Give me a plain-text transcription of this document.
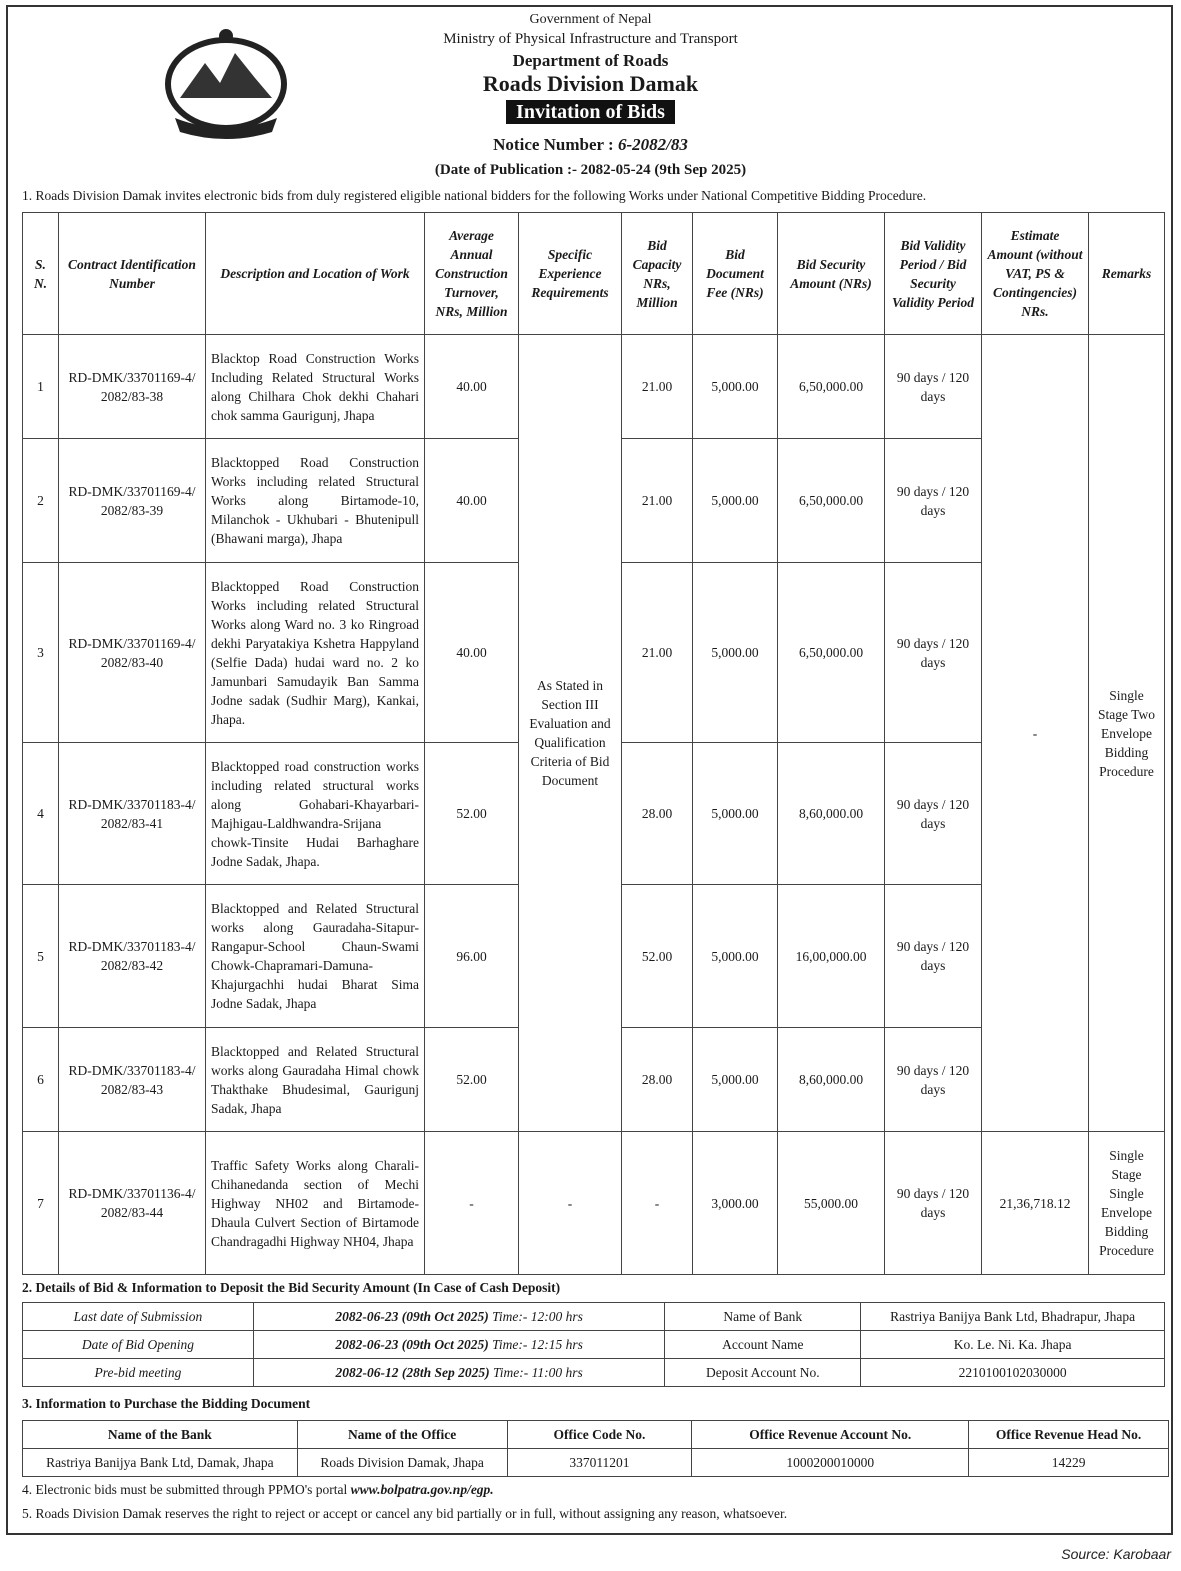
Government of Nepal
Ministry of Physical Infrastructure and Transport
Department of Roads
Roads Division Damak
Invitation of Bids
Notice Number : 6-2082/83
(Date of Publication :- 2082-05-24 (9th Sep 2025)
1. Roads Division Damak invites electronic bids from duly registered eligible national bidders for the following Works under National Competitive Bidding Procedure.
S. N.	Contract Identification Number	Description and Location of Work	Average Annual Construction Turnover, NRs, Million	Specific Experience Requirements	Bid Capacity NRs, Million	Bid Document Fee (NRs)	Bid Security Amount (NRs)	Bid Validity Period / Bid Security Validity Period	Estimate Amount (without VAT, PS & Contingencies) NRs.	Remarks
1	RD-DMK/33701169-4/ 2082/83-38	Blacktop Road Construction Works Including Related Structural Works along Chilhara Chok dekhi Chahari chok samma Gaurigunj, Jhapa	40.00	As Stated in Section III Evaluation and Qualification Criteria of Bid Document	21.00	5,000.00	6,50,000.00	90 days / 120 days	-	Single Stage Two Envelope Bidding Procedure
2	RD-DMK/33701169-4/ 2082/83-39	Blacktopped Road Construction Works including related Structural Works along Birtamode-10, Milanchok - Ukhubari - Bhutenipull (Bhawani marga), Jhapa	40.00		21.00	5,000.00	6,50,000.00	90 days / 120 days		
3	RD-DMK/33701169-4/ 2082/83-40	Blacktopped Road Construction Works including related Structural Works along Ward no. 3 ko Ringroad dekhi Paryatakiya Kshetra Happyland (Selfie Dada) hudai ward no. 2 ko Jamunbari Samudayik Ban Samma Jodne sadak (Sudhir Marg), Kankai, Jhapa.	40.00		21.00	5,000.00	6,50,000.00	90 days / 120 days		
4	RD-DMK/33701183-4/ 2082/83-41	Blacktopped road construction works including related structural works along Gohabari-Khayarbari-Majhigau-Laldhwandra-Srijana chowk-Tinsite Hudai Barhaghare Jodne Sadak, Jhapa.	52.00		28.00	5,000.00	8,60,000.00	90 days / 120 days		
5	RD-DMK/33701183-4/ 2082/83-42	Blacktopped and Related Structural works along Gauradaha-Sitapur-Rangapur-School Chaun-Swami Chowk-Chapramari-Damuna-Khajurgachhi hudai Bharat Sima Jodne Sadak, Jhapa	96.00		52.00	5,000.00	16,00,000.00	90 days / 120 days		
6	RD-DMK/33701183-4/ 2082/83-43	Blacktopped and Related Structural works along Gauradaha Himal chowk Thakthake Bhudesimal, Gaurigunj Sadak, Jhapa	52.00		28.00	5,000.00	8,60,000.00	90 days / 120 days		
7	RD-DMK/33701136-4/ 2082/83-44	Traffic Safety Works along Charali- Chihanedanda section of Mechi Highway NH02 and Birtamode-Dhaula Culvert Section of Birtamode Chandragadhi Highway NH04, Jhapa	-	-	-	3,000.00	55,000.00	90 days / 120 days	21,36,718.12	Single Stage Single Envelope Bidding Procedure
2. Details of Bid & Information to Deposit the Bid Security Amount (In Case of Cash Deposit)
Last date of Submission	2082-06-23 (09th Oct 2025) Time:- 12:00 hrs	Name of Bank	Rastriya Banijya Bank Ltd, Bhadrapur, Jhapa
Date of Bid Opening	2082-06-23 (09th Oct 2025) Time:- 12:15 hrs	Account Name	Ko. Le. Ni. Ka. Jhapa
Pre-bid meeting	2082-06-12 (28th Sep 2025) Time:- 11:00 hrs	Deposit Account No.	2210100102030000
3. Information to Purchase the Bidding Document
Name of the Bank	Name of the Office	Office Code No.	Office Revenue Account No.	Office Revenue Head No.
Rastriya Banijya Bank Ltd, Damak, Jhapa	Roads Division Damak, Jhapa	337011201	1000200010000	14229
4. Electronic bids must be submitted through PPMO's portal www.bolpatra.gov.np/egp.
5. Roads Division Damak reserves the right to reject or accept or cancel any bid partially or in full, without assigning any reason, whatsoever.
Source: Karobaar
